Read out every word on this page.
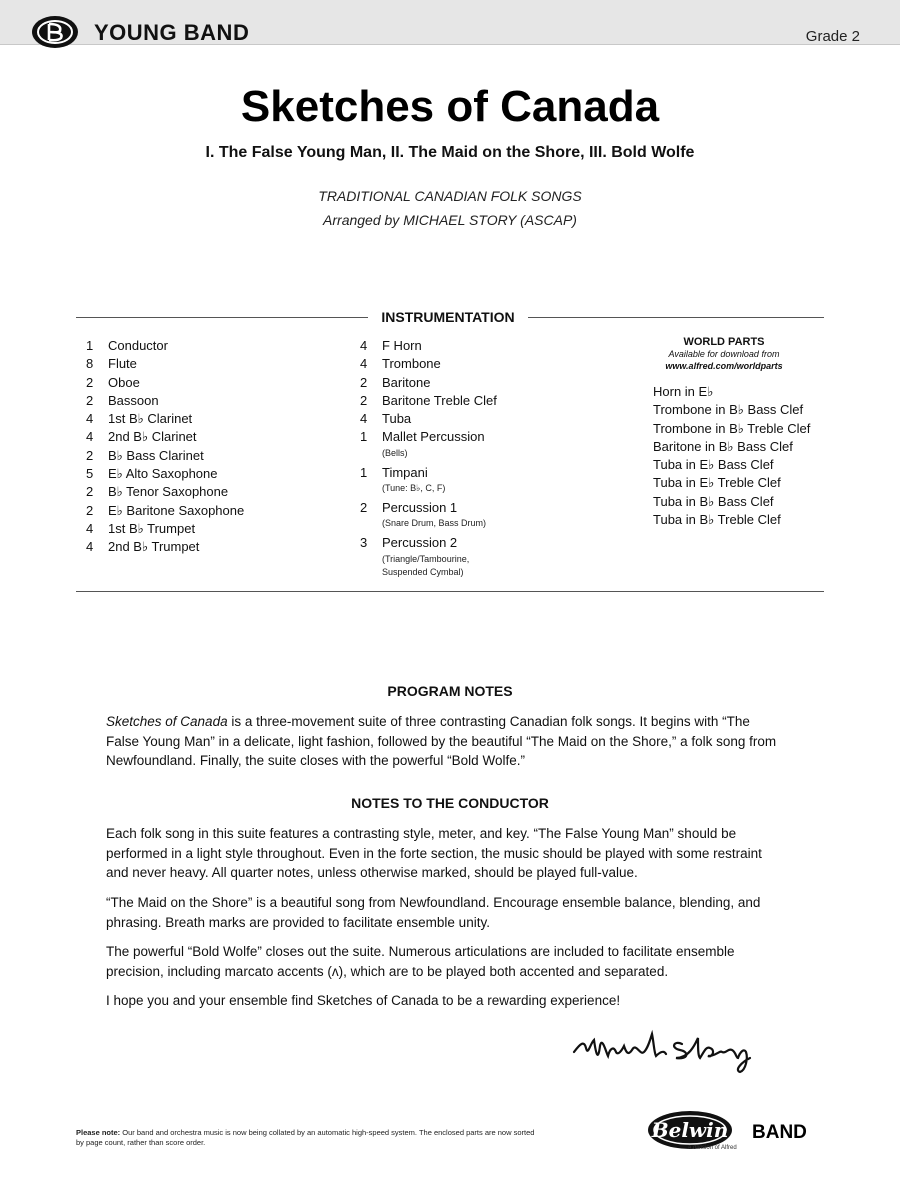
YOUNG BAND	Grade 2
Sketches of Canada
I. The False Young Man, II. The Maid on the Shore, III. Bold Wolfe
TRADITIONAL CANADIAN FOLK SONGS
Arranged by MICHAEL STORY (ASCAP)
INSTRUMENTATION
1	Conductor
8	Flute
2	Oboe
2	Bassoon
4	1st B♭ Clarinet
4	2nd B♭ Clarinet
2	B♭ Bass Clarinet
5	E♭ Alto Saxophone
2	B♭ Tenor Saxophone
2	E♭ Baritone Saxophone
4	1st B♭ Trumpet
4	2nd B♭ Trumpet
4	F Horn
4	Trombone
2	Baritone
2	Baritone Treble Clef
4	Tuba
1	Mallet Percussion
(Bells)
1	Timpani
(Tune: B♭, C, F)
2	Percussion 1
(Snare Drum, Bass Drum)
3	Percussion 2
(Triangle/Tambourine,
Suspended Cymbal)
WORLD PARTS
Available for download from
www.alfred.com/worldparts
Horn in E♭
Trombone in B♭ Bass Clef
Trombone in B♭ Treble Clef
Baritone in B♭ Bass Clef
Tuba in E♭ Bass Clef
Tuba in E♭ Treble Clef
Tuba in B♭ Bass Clef
Tuba in B♭ Treble Clef
PROGRAM NOTES
Sketches of Canada is a three-movement suite of three contrasting Canadian folk songs. It begins with “The False Young Man” in a delicate, light fashion, followed by the beautiful “The Maid on the Shore,” a folk song from Newfoundland. Finally, the suite closes with the powerful “Bold Wolfe.”
NOTES TO THE CONDUCTOR
Each folk song in this suite features a contrasting style, meter, and key. “The False Young Man” should be performed in a light style throughout. Even in the forte section, the music should be played with some restraint and never heavy. All quarter notes, unless otherwise marked, should be played full-value.
“The Maid on the Shore” is a beautiful song from Newfoundland. Encourage ensemble balance, blending, and phrasing. Breath marks are provided to facilitate ensemble unity.
The powerful “Bold Wolfe” closes out the suite. Numerous articulations are included to facilitate ensemble precision, including marcato accents (ʌ), which are to be played both accented and separated.
I hope you and your ensemble find Sketches of Canada to be a rewarding experience!
Please note: Our band and orchestra music is now being collated by an automatic high-speed system. The enclosed parts are now sorted by page count, rather than score order.
Belwin BAND
a division of Alfred
